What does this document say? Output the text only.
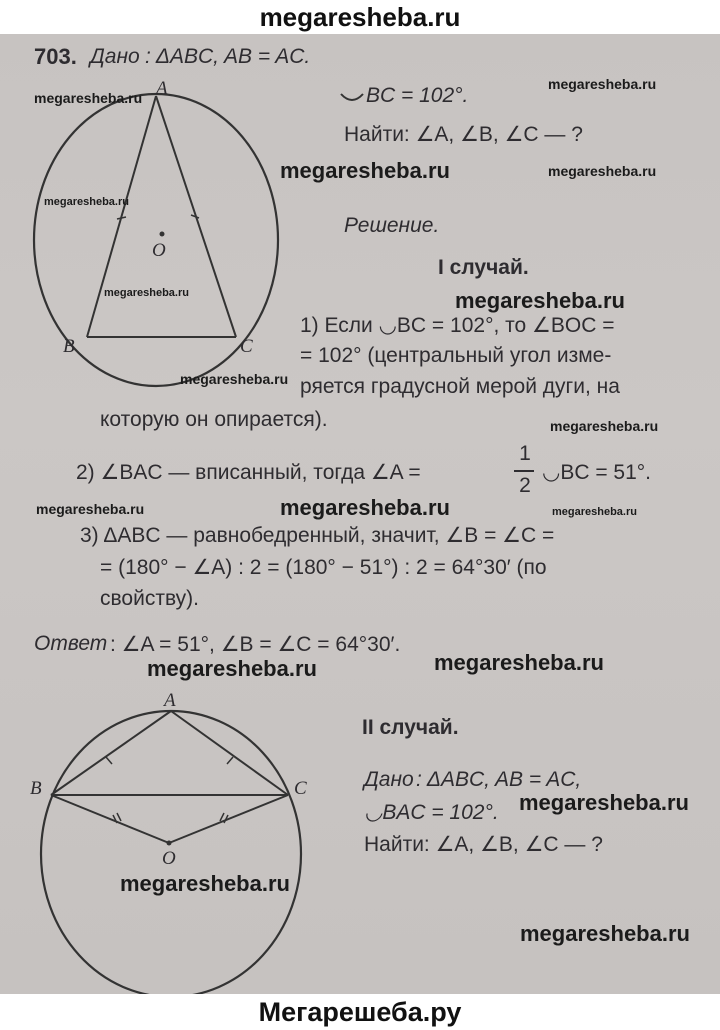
megaresheba.ru
A
B	C
O
A
B	C
O
703. Дано : ΔABC, AB = AC.
BC = 102°.
Найти: ∠A, ∠B, ∠C — ?
Решение.
I случай.
1) Если ◡BC = 102°, то ∠BOC =
= 102° (центральный угол изме-
ряется градусной мерой дуги, на
которую он опирается).
2) ∠BAC — вписанный, тогда ∠A =
1
2
◡BC = 51°.
3) ΔABC — равнобедренный, значит, ∠B = ∠C =
= (180° − ∠A) : 2 = (180° − 51°) : 2 = 64°30′ (по
свойству).
Ответ : ∠A = 51°, ∠B = ∠C = 64°30′.
II случай.
Дано : ΔABC, AB = AC,
◡BAC = 102°.
Найти: ∠A, ∠B, ∠C — ?
megaresheba.ru
megaresheba.ru
megaresheba.ru	megaresheba.ru
megaresheba.ru
megaresheba.ru	megaresheba.ru
megaresheba.ru
megaresheba.ru
megaresheba.ru	megaresheba.ru	megaresheba.ru
megaresheba.ru	megaresheba.ru
megaresheba.ru
megaresheba.ru
megaresheba.ru
Мегарешеба.ру
